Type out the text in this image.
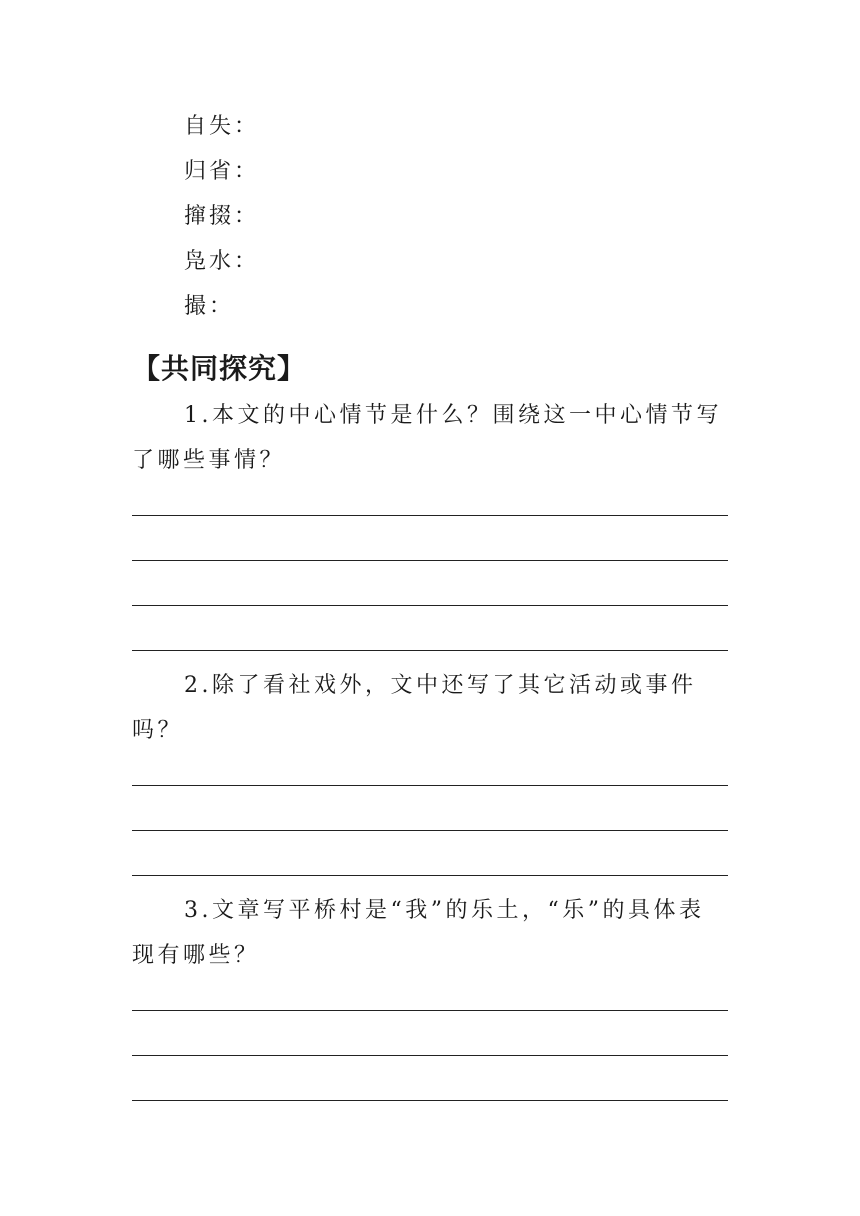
自失：
归省：
撺掇：
凫水：
撮：
【共同探究】
1.本文的中心情节是什么？围绕这一中心情节写了哪些事情？
2.除了看社戏外，文中还写了其它活动或事件吗？
3.文章写平桥村是“我”的乐土，“乐”的具体表现有哪些？
